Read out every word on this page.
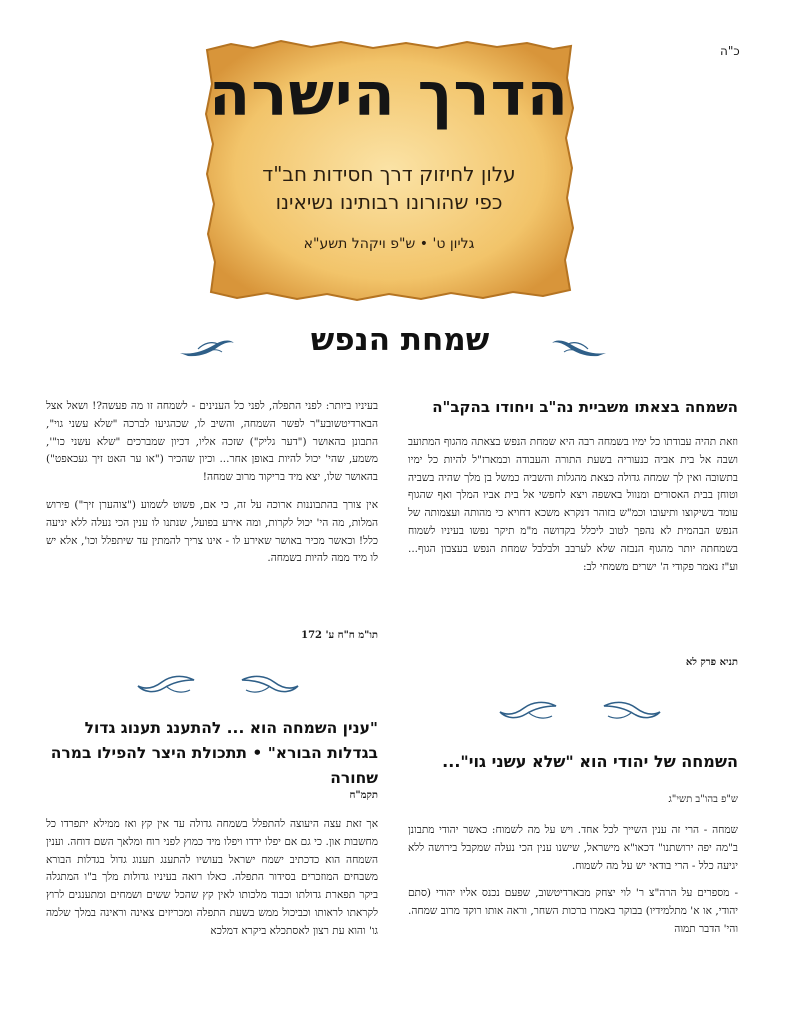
כ"ה
הדרך הישרה
עלון לחיזוק דרך חסידות חב"ד
כפי שהורונו רבותינו נשיאינו
גליון ט' • ש"פ ויקהל תשע"א
שמחת הנפש
השמחה בצאתו משביית נה"ב ויחודו בהקב"ה

וזאת תהיה עבודתו כל ימיו בשמחה רבה היא שמחת הנפש בצאתה מהגוף המתועב ושבה אל בית אביה כנעוריה בשעת התורה והעבודה וכמארז"ל להיות כל ימיו בתשובה ואין לך שמחה גדולה כצאת מהגלות והשביה כמשל בן מלך שהיה בשביה וטוחן בבית האסורים ומנוול באשפה ויצא לחפשי אל בית אביו המלך ואף שהגוף עומד בשיקוצו ותיעובו וכמ"ש בזוהר דנקרא משכא דחויא כי מהותה ועצמותה של הנפש הבהמית לא נהפך לטוב ליכלל בקדושה מ"מ תיקר נפשו בעיניו לשמוח בשמחתה יותר מהגוף הנבזה שלא לערבב ולבלבל שמחת הנפש בעצבון הגוף... וע"ז נאמר פקודי ה' ישרים משמחי לב:

תניא פרק לא
השמחה של יהודי הוא "שלא עשני גוי"...
ש"פ בהו"ב תשי"ג

שמחה - הרי זה ענין השייך לכל אחד. ויש על מה לשמוח: כאשר יהודי מתבונן ב"מה יפה ירושתנו" דכאו"א מישראל, שישנו ענין הכי נעלה שמקבל בירושה ללא יגיעה כלל - הרי בודאי יש על מה לשמוח.

- מספרים על הרה"צ ר' לוי יצחק מבארדיטשוב, שפעם נכנס אליו יהודי (סתם יהודי, או א' מתלמידיו) בבוקר באמרו ברכות השחר, וראה אותו רוקד מרוב שמחה. והי' הדבר תמוה

בעיניו ביותר: לפני התפלה, לפני כל הענינים - לשמחה זו מה פעשה?! ושאל אצל הבארדיטשובע"ר לפשר השמחה, והשיב לו, שכהגיעו לברכה "שלא עשני גוי", התבונן בהאושר ("דער גליק") שזכה אליו, דכיון שמברכים "שלא עשני כו"', משמע, שהי' יכול להיות באופן אחר... וכיון שהכיר ("או ער האט זיך געכאפט") בהאושר שלו, יצא מיד בריקוד מרוב שמחה!

אין צורך בהתבוננות ארוכה על זה, כי אם, פשוט לשמוע ("צוהערן זיך") פירוש המלות, מה הי' יכול לקרות, ומה אירע בפועל, שנתנו לו ענין הכי נעלה ללא יגיעה כלל! וכאשר מכיר באושר שאירע לו - אינו צריך להמתין עד שיתפלל וכו', אלא יש לו מיד ממה להיות בשמחה.

תו"מ ח"ח ע' 172
"ענין השמחה הוא ... להתענג תענוג גדול בגדלות הבורא" • תתכולת היצר להפילו במרה שחורה
תקמ"ח

אך זאת עצה היעוצה להתפלל בשמחה גדולה עד אין קץ ואז ממילא יתפרדו כל מחשבות און. כי גם אם יפלו ידדו ויפלו מיד כמוץ לפני רוח ומלאך השם דוחה. וענין השמחה הוא כדכתיב ישמח ישראל בעושיו להתענג תענוג גדול בגדלות הבורא משבחים המוזכרים בסידור התפלה. כאלו רואה בעיניו גדולות מלך ב"ו המתגלה ביקר תפארת גדולתו וכבוד מלכותו לאין קץ שהכל ששים ושמחים ומתענגים לרוץ לקראתו לראותו וכביכול ממש בשעת התפלה ומכריזים צאינה וראינה במלך שלמה גו' והוא עת רצון לאסתכלא ביקרא דמלכא
